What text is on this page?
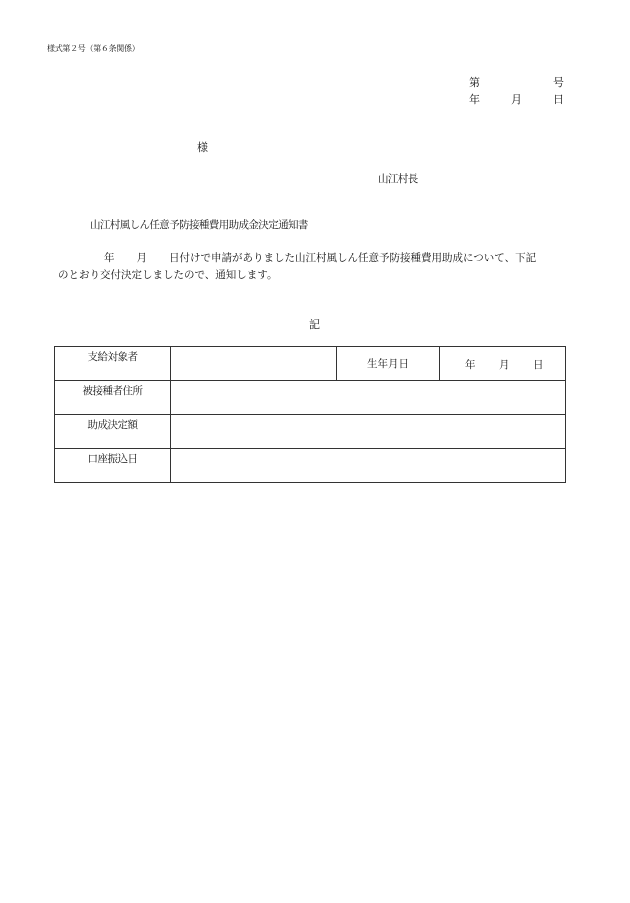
様式第２号（第６条関係）
第	号
年	月	日
様
山江村長
山江村風しん任意予防接種費用助成金決定通知書
年 月 日付けで申請がありました山江村風しん任意予防接種費用助成について、下記
のとおり交付決定しましたので、通知します。
記
支給対象者		生年月日	年 月 日

被接種者住所			
助成決定額			
口座振込日			
